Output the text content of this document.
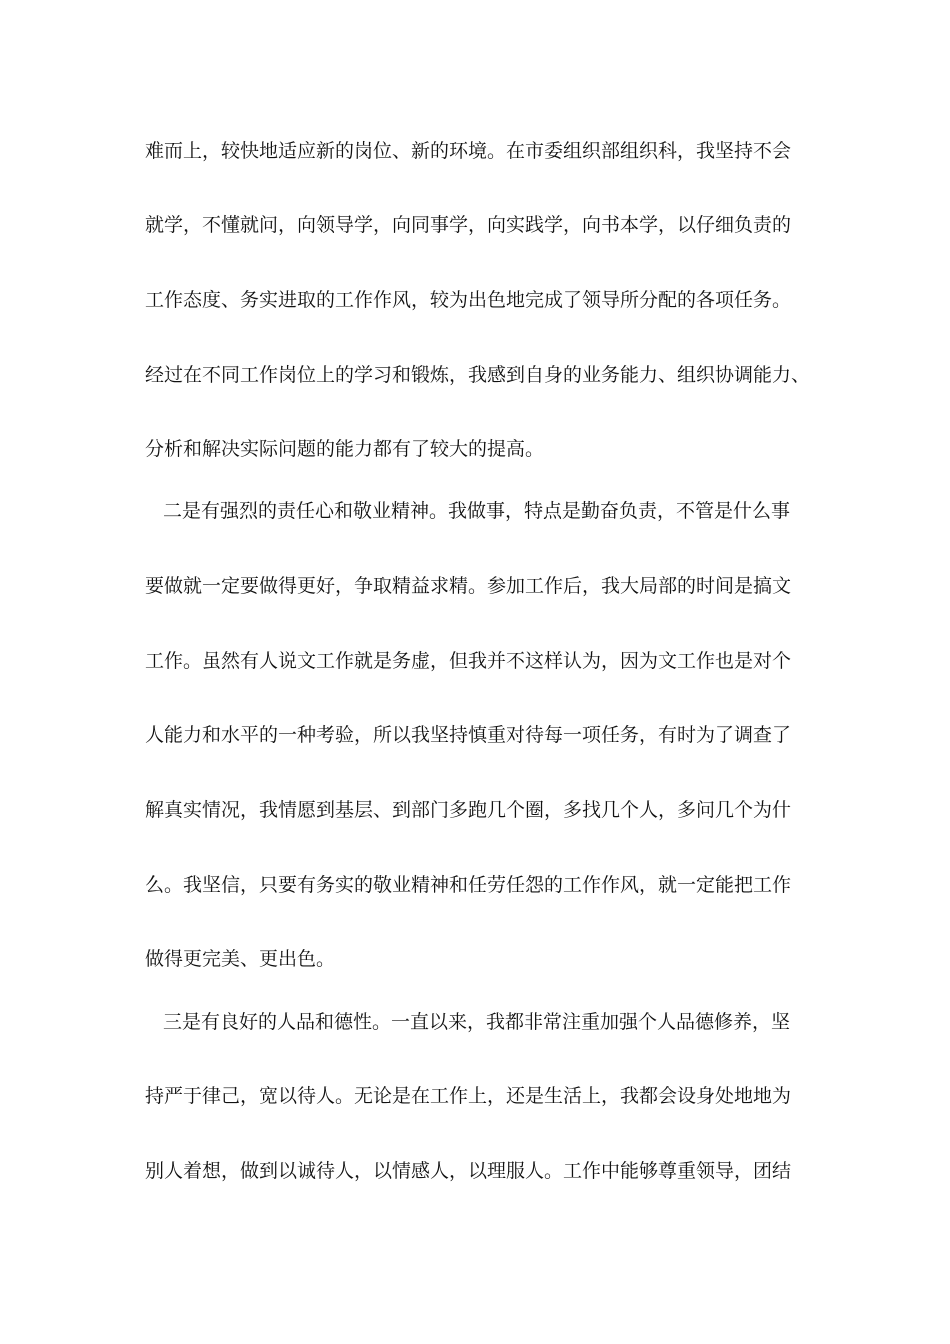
难而上，较快地适应新的岗位、新的环境。在市委组织部组织科，我坚持不会
就学，不懂就问，向领导学，向同事学，向实践学，向书本学，以仔细负责的
工作态度、务实进取的工作作风，较为出色地完成了领导所分配的各项任务。
经过在不同工作岗位上的学习和锻炼，我感到自身的业务能力、组织协调能力、
分析和解决实际问题的能力都有了较大的提高。
二是有强烈的责任心和敬业精神。我做事，特点是勤奋负责，不管是什么事
要做就一定要做得更好，争取精益求精。参加工作后，我大局部的时间是搞文
工作。虽然有人说文工作就是务虚，但我并不这样认为，因为文工作也是对个
人能力和水平的一种考验，所以我坚持慎重对待每一项任务，有时为了调查了
解真实情况，我情愿到基层、到部门多跑几个圈，多找几个人，多问几个为什
么。我坚信，只要有务实的敬业精神和任劳任怨的工作作风，就一定能把工作
做得更完美、更出色。
三是有良好的人品和德性。一直以来，我都非常注重加强个人品德修养，坚
持严于律己，宽以待人。无论是在工作上，还是生活上，我都会设身处地地为
别人着想，做到以诚待人，以情感人，以理服人。工作中能够尊重领导，团结
